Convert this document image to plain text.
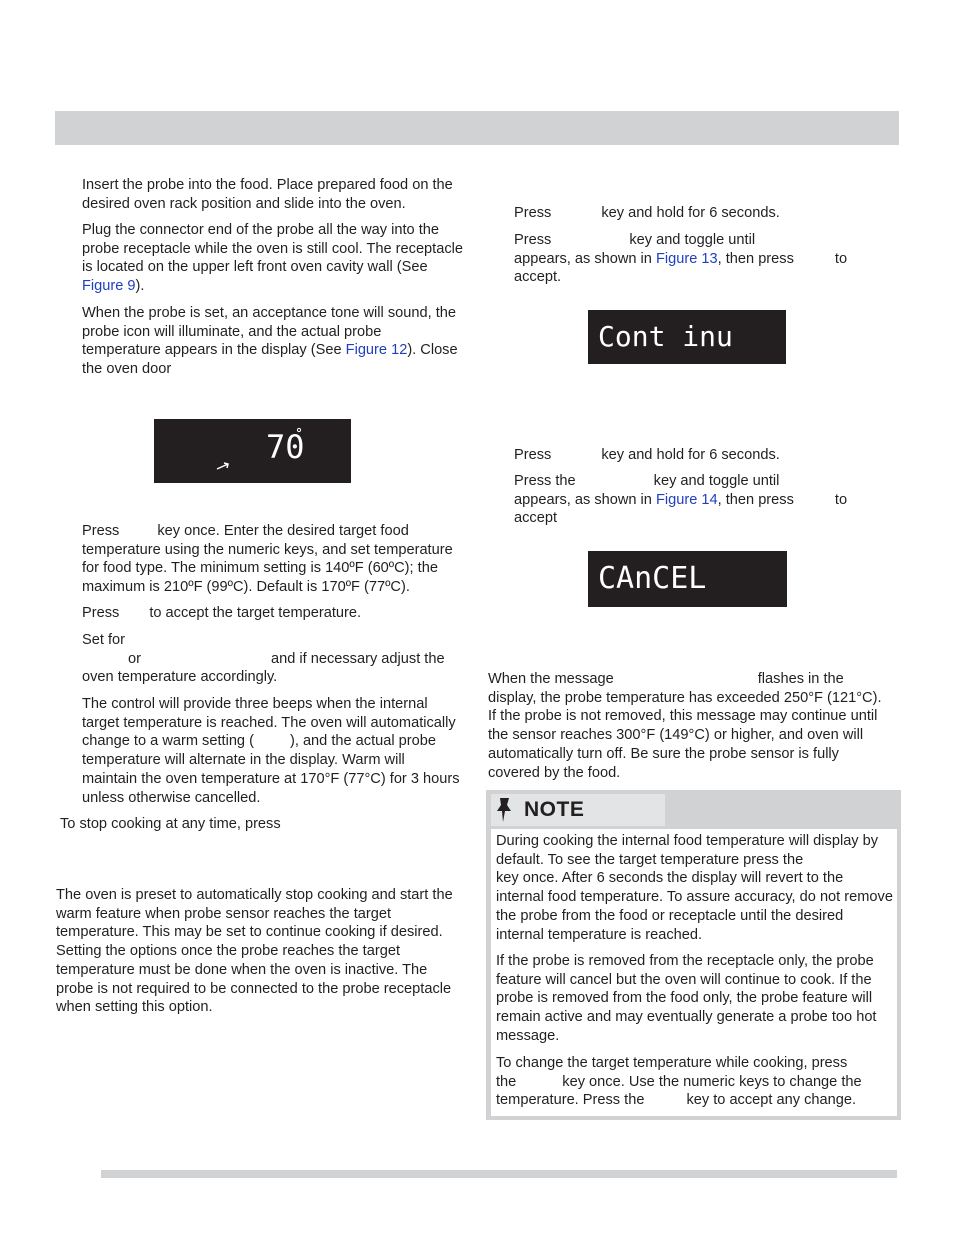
Insert the probe into the food. Place prepared food on the desired oven rack position and slide into the oven.

Plug the connector end of the probe all the way into the probe receptacle while the oven is still cool. The receptacle is located on the upper left front oven cavity wall (See Figure 9).

When the probe is set, an acceptance tone will sound, the probe icon will illuminate, and the actual probe temperature appears in the display (See Figure 12). Close the oven door

70

Press	key once. Enter the desired target food temperature using the numeric keys, and set temperature for food type. The minimum setting is 140ºF (60ºC); the maximum is 210ºF (99ºC). Default is 170ºF (77ºC).

Press to accept the target temperature.

Set for
or	and if necessary adjust the oven temperature accordingly.

The control will provide three beeps when the internal target temperature is reached. The oven will automatically change to a warm setting ( ), and the actual probe temperature will alternate in the display. Warm will maintain the oven temperature at 170°F (77°C) for 3 hours unless otherwise cancelled.

To stop cooking at any time, press

The oven is preset to automatically stop cooking and start the warm feature when probe sensor reaches the target temperature. This may be set to continue cooking if desired. Setting the options once the probe reaches the target temperature must be done when the oven is inactive. The probe is not required to be connected to the probe receptacle when setting this option.

Press	key and hold for 6 seconds.

Press	key and toggle until
appears, as shown in Figure 13, then press	to
accept.
Cont inu

Press	key and hold for 6 seconds.

Press the	key and toggle until
appears, as shown in Figure 14, then press	to
accept
CAnCEL
When the message	flashes in the
display, the probe temperature has exceeded 250°F (121°C). If the probe is not removed, this message may continue until the sensor reaches 300°F (149°C) or higher, and oven will automatically turn off. Be sure the probe sensor is fully covered by the food.
NOTE
During cooking the internal food temperature will display by default. To see the target temperature press the
key once. After 6 seconds the display will revert to the internal food temperature. To assure accuracy, do not remove the probe from the food or receptacle until the desired internal temperature is reached.

If the probe is removed from the receptacle only, the probe feature will cancel but the oven will continue to cook. If the probe is removed from the food only, the probe feature will remain active and may eventually generate a probe too hot message.

To change the target temperature while cooking, press
the	key once. Use the numeric keys to change the
temperature. Press the	key to accept any change.
